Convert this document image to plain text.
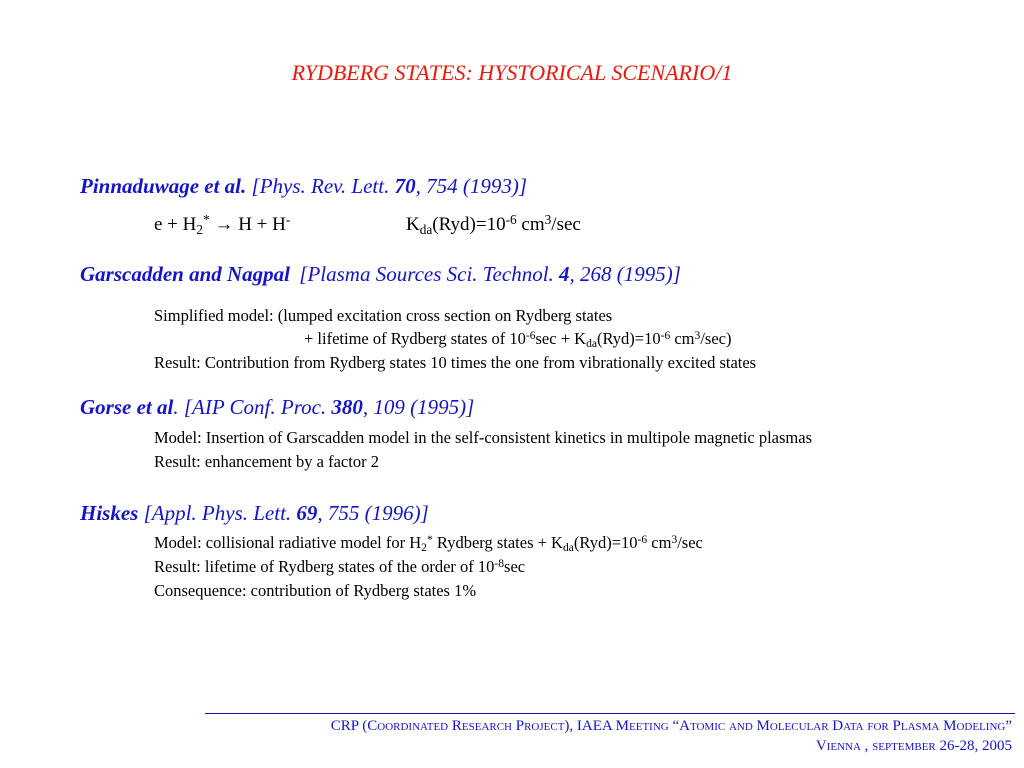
RYDBERG STATES: HYSTORICAL SCENARIO/1
Pinnaduwage et al. [Phys. Rev. Lett. 70, 754 (1993)]
$e + H_2^* \to H + H^-$	$K_{da}(Ryd)=10^{-6}$ $cm^3/\sec$
Garscadden and Nagpal [Plasma Sources Sci. Technol. 4, 268 (1995)]
Simplified model: (lumped excitation cross section on Rydberg states
+ lifetime of Rydberg states of $10^{-6}\sec + K_{da}(Ryd)=10^{-6}$ $cm^3/\sec$)
Result: Contribution from Rydberg states 10 times the one from vibrationally excited states
Gorse et al. [AIP Conf. Proc. 380, 109 (1995)]
Model: Insertion of Garscadden model in the self-consistent kinetics in multipole magnetic plasmas
Result: enhancement by a factor 2
Hiskes [Appl. Phys. Lett. 69, 755 (1996)]
Model: collisional radiative model for $H_2^*$ Rydberg states + $K_{da}(Ryd)=10^{-6}$ $cm^3/\sec$
Result: lifetime of Rydberg states of the order of $10^{-8}\sec$
Consequence: contribution of Rydberg states 1%
CRP (Coordinated Research Project), IAEA Meeting “Atomic and Molecular Data for Plasma Modeling”
Vienna , september 26-28, 2005
